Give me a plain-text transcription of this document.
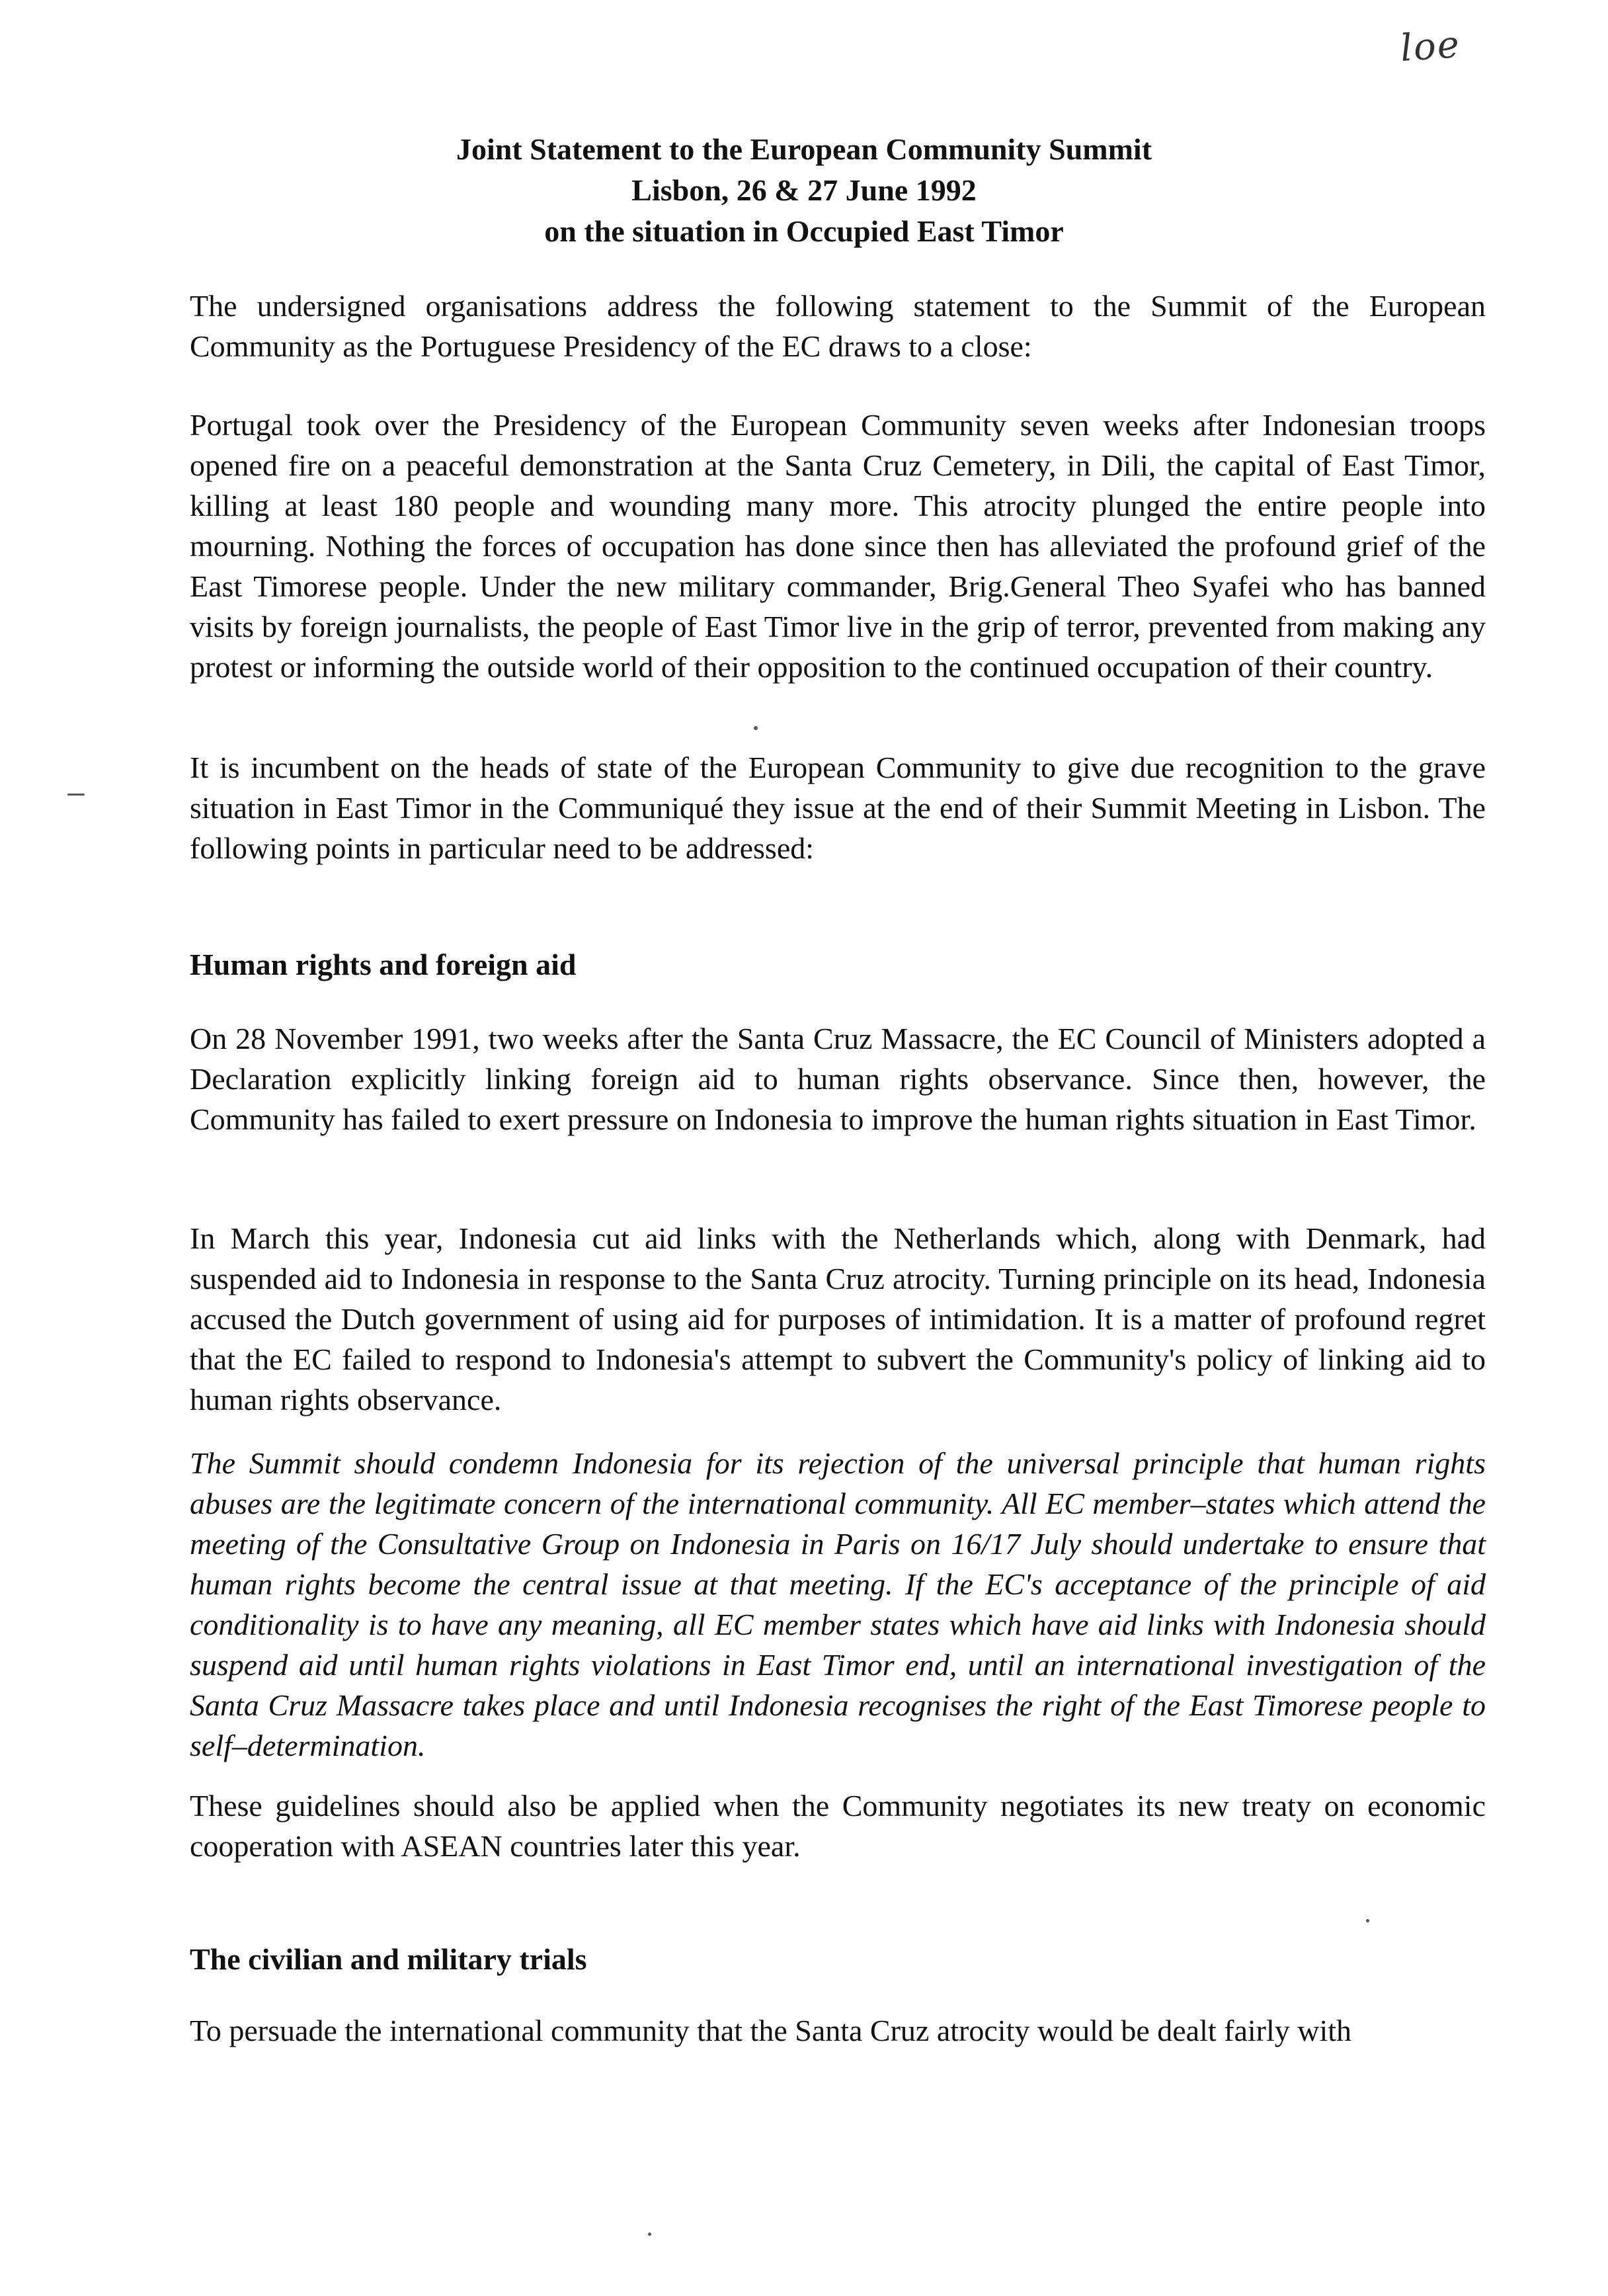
loe
Joint Statement to the European Community Summit
Lisbon, 26 & 27 June 1992
on the situation in Occupied East Timor

The undersigned organisations address the following statement to the Summit of the European Community as the Portuguese Presidency of the EC draws to a close:

Portugal took over the Presidency of the European Community seven weeks after Indonesian troops opened fire on a peaceful demonstration at the Santa Cruz Cemetery, in Dili, the capital of East Timor, killing at least 180 people and wounding many more. This atrocity plunged the entire people into mourning. Nothing the forces of occupation has done since then has alleviated the profound grief of the East Timorese people. Under the new military commander, Brig.General Theo Syafei who has banned visits by foreign journalists, the people of East Timor live in the grip of terror, prevented from making any protest or informing the outside world of their opposition to the continued occupation of their country.

It is incumbent on the heads of state of the European Community to give due recognition to the grave situation in East Timor in the Communiqué they issue at the end of their Summit Meeting in Lisbon. The following points in particular need to be addressed:

Human rights and foreign aid

On 28 November 1991, two weeks after the Santa Cruz Massacre, the EC Council of Ministers adopted a Declaration explicitly linking foreign aid to human rights observance. Since then, however, the Community has failed to exert pressure on Indonesia to improve the human rights situation in East Timor.

In March this year, Indonesia cut aid links with the Netherlands which, along with Denmark, had suspended aid to Indonesia in response to the Santa Cruz atrocity. Turning principle on its head, Indonesia accused the Dutch government of using aid for purposes of intimidation. It is a matter of profound regret that the EC failed to respond to Indonesia's attempt to subvert the Community's policy of linking aid to human rights observance.

The Summit should condemn Indonesia for its rejection of the universal principle that human rights abuses are the legitimate concern of the international community. All EC member–states which attend the meeting of the Consultative Group on Indonesia in Paris on 16/17 July should undertake to ensure that human rights become the central issue at that meeting. If the EC's acceptance of the principle of aid conditionality is to have any meaning, all EC member states which have aid links with Indonesia should suspend aid until human rights violations in East Timor end, until an international investigation of the Santa Cruz Massacre takes place and until Indonesia recognises the right of the East Timorese people to self–determination.

These guidelines should also be applied when the Community negotiates its new treaty on economic cooperation with ASEAN countries later this year.

The civilian and military trials

To persuade the international community that the Santa Cruz atrocity would be dealt fairly with
